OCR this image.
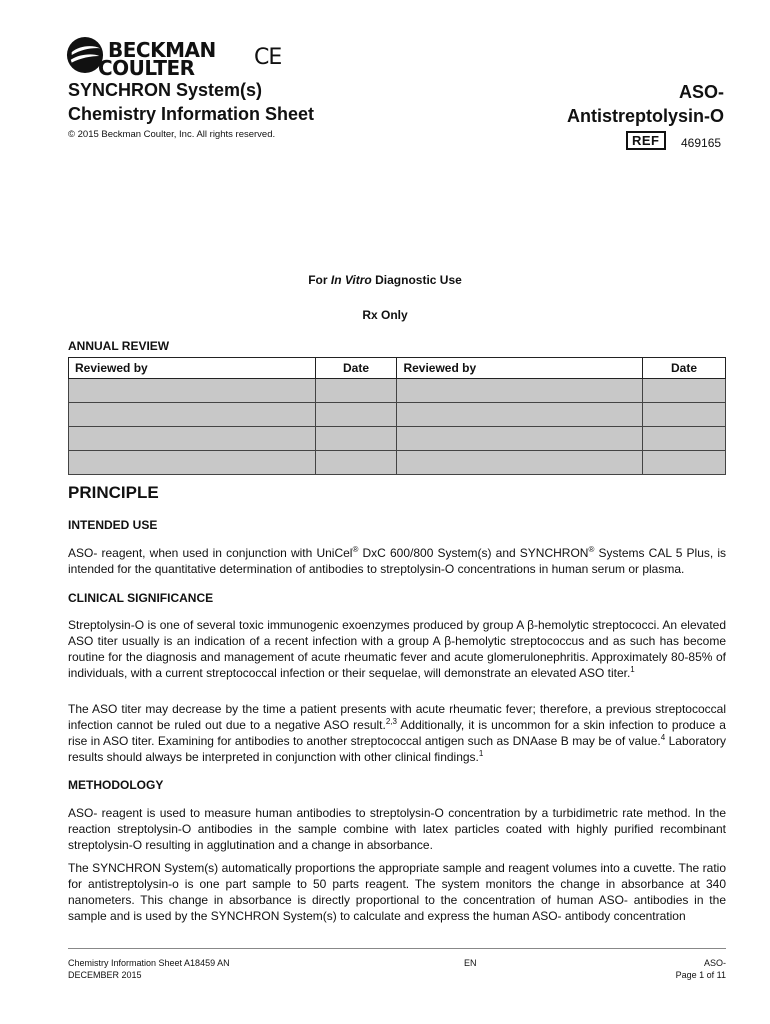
BECKMAN
COULTER	CE
SYNCHRON System(s)
Chemistry Information Sheet
© 2015 Beckman Coulter, Inc. All rights reserved.
ASO-
Antistreptolysin-O
REF	469165
For In Vitro Diagnostic Use
Rx Only
ANNUAL REVIEW
Reviewed by	Date	Reviewed by	Date

PRINCIPLE
INTENDED USE
ASO- reagent, when used in conjunction with UniCel® DxC 600/800 System(s) and SYNCHRON® Systems CAL 5 Plus, is intended for the quantitative determination of antibodies to streptolysin-O concentrations in human serum or plasma.
CLINICAL SIGNIFICANCE
Streptolysin-O is one of several toxic immunogenic exoenzymes produced by group A β-hemolytic streptococci. An elevated ASO titer usually is an indication of a recent infection with a group A β-hemolytic streptococcus and as such has become routine for the diagnosis and management of acute rheumatic fever and acute glomerulonephritis. Approximately 80-85% of individuals, with a current streptococcal infection or their sequelae, will demonstrate an elevated ASO titer.$^1$
The ASO titer may decrease by the time a patient presents with acute rheumatic fever; therefore, a previous streptococcal infection cannot be ruled out due to a negative ASO result.$^{2,3}$ Additionally, it is uncommon for a skin infection to produce a rise in ASO titer. Examining for antibodies to another streptococcal antigen such as DNAase B may be of value.$^4$ Laboratory results should always be interpreted in conjunction with other clinical findings.$^1$
METHODOLOGY
ASO- reagent is used to measure human antibodies to streptolysin-O concentration by a turbidimetric rate method. In the reaction streptolysin-O antibodies in the sample combine with latex particles coated with highly purified recombinant streptolysin-O resulting in agglutination and a change in absorbance.
The SYNCHRON System(s) automatically proportions the appropriate sample and reagent volumes into a cuvette. The ratio for antistreptolysin-o is one part sample to 50 parts reagent. The system monitors the change in absorbance at 340 nanometers. This change in absorbance is directly proportional to the concentration of human ASO- antibodies in the sample and is used by the SYNCHRON System(s) to calculate and express the human ASO- antibody concentration
Chemistry Information Sheet A18459 AN
DECEMBER 2015
EN	ASO-
Page 1 of 11
